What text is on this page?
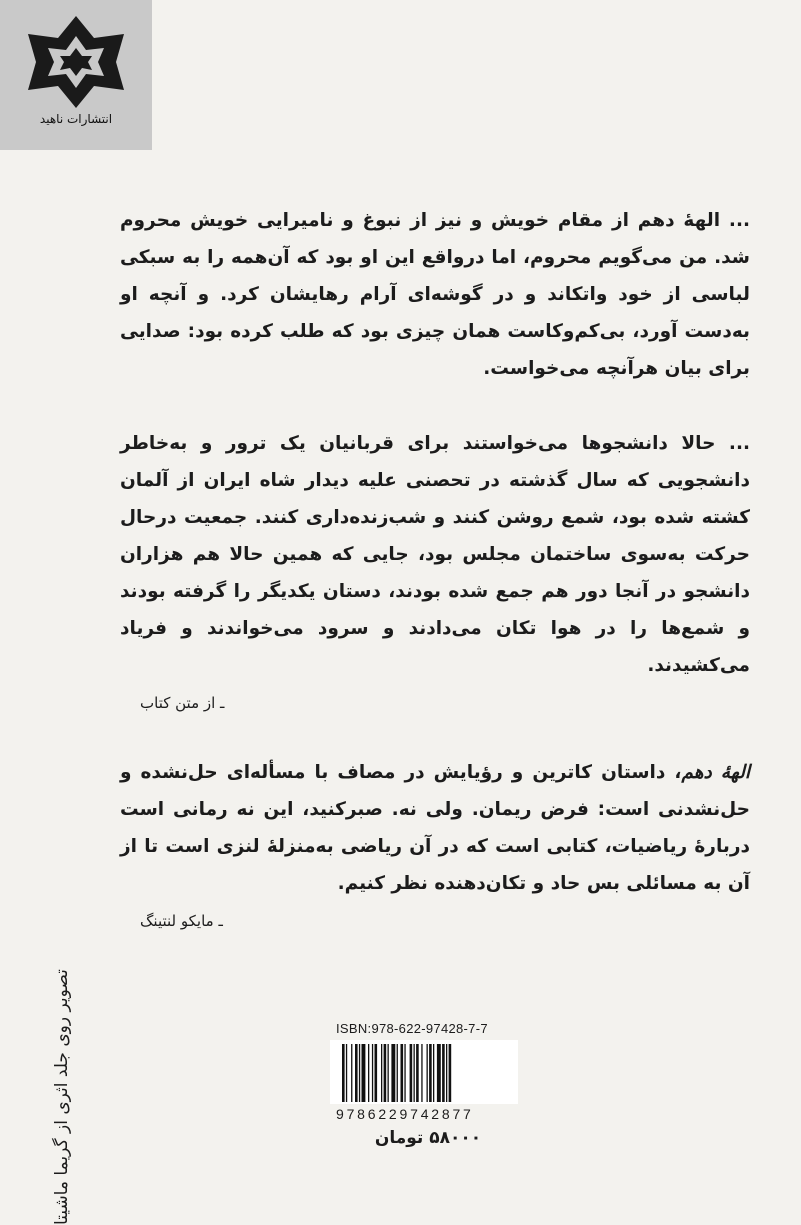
انتشارات ناهید

... الههٔ دهم از مقام خویش و نیز از نبوغ و نامیرایی خویش محروم شد. من می‌گویم محروم، اما درواقع این او بود که آن‌همه را به سبکی لباسی از خود واتکاند و در گوشه‌ای آرام رهایشان کرد. و آنچه او به‌دست آورد، بی‌کم‌وکاست همان چیزی بود که طلب کرده بود: صدایی برای بیان هرآنچه می‌خواست.

... حالا دانشجوها می‌خواستند برای قربانیان یک ترور و به‌خاطر دانشجویی که سال گذشته در تحصنی علیه دیدار شاه ایران از آلمان کشته شده بود، شمع روشن کنند و شب‌زنده‌داری کنند. جمعیت درحال حرکت به‌سوی ساختمان مجلس بود، جایی که همین حالا هم هزاران دانشجو در آنجا دور هم جمع شده بودند، دستان یکدیگر را گرفته بودند و شمع‌ها را در هوا تکان می‌دادند و سرود می‌خواندند و فریاد می‌کشیدند.

ـ از متن کتاب

الههٔ دهم، داستان کاترین و رؤیایش در مصاف با مسأله‌ای حل‌نشده و حل‌نشدنی است: فرض ریمان. ولی نه. صبرکنید، این نه رمانی است دربارهٔ ریاضیات، کتابی است که در آن ریاضی به‌منزلهٔ لنزی است تا از آن به مسائلی بس حاد و تکان‌دهنده نظر کنیم.

ـ مایکو لنتینگ

تصویر روی جلد اثری از گریما ماشیتا	ISBN:978-622-97428-7-7
9786229742877
۵۸۰۰۰ تومان
